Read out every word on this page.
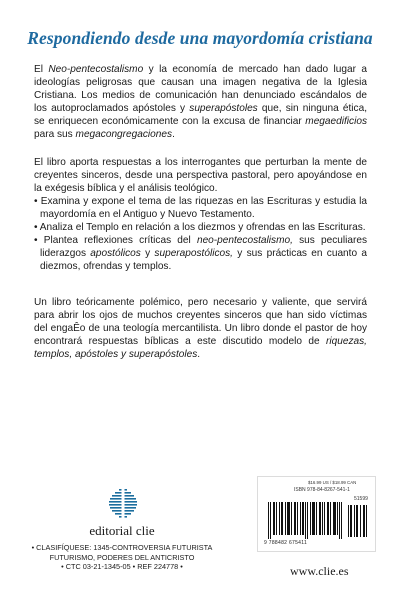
Respondiendo desde una mayordomía cristiana

El Neo-pentecostalismo y la economía de mercado han dado lugar a ideologías peligrosas que causan una imagen negativa de la Iglesia Cristiana. Los medios de comunicación han denunciado escándalos de los autoproclamados apóstoles y superapóstoles que, sin ninguna ética, se enriquecen económicamente con la excusa de financiar megaedificios para sus megacongregaciones.

El libro aporta respuestas a los interrogantes que perturban la mente de creyentes sinceros, desde una perspectiva pastoral, pero apoyándose en la exégesis bíblica y el análisis teológico.

• Examina y expone el tema de las riquezas en las Escrituras y estudia la mayordomía en el Antiguo y Nuevo Testamento.

• Analiza el Templo en relación a los diezmos y ofrendas en las Escrituras.

• Plantea reflexiones críticas del neo-pentecostalismo, sus peculiares liderazgos apostólicos y superapostólicos, y sus prácticas en cuanto a diezmos, ofrendas y templos.

Un libro teóricamente polémico, pero necesario y valiente, que servirá para abrir los ojos de muchos creyentes sinceros que han sido víctimas del engaÊo de una teología mercantilista. Un libro donde el pastor de hoy encontrará respuestas bíblicas a este discutido modelo de riquezas, templos, apóstoles y superapóstoles.

editorial clie
• CLASIFÍQUESE: 1345-CONTROVERSIA FUTURISTA
FUTURISMO, PODERES DEL ANTICRISTO
• CTC 03-21-1345-05 • REF 224778 •
$16.99 US / $18.99 CAN
ISBN 978-84-8267-541-1
51599
9 788482 675411
www.clie.es
